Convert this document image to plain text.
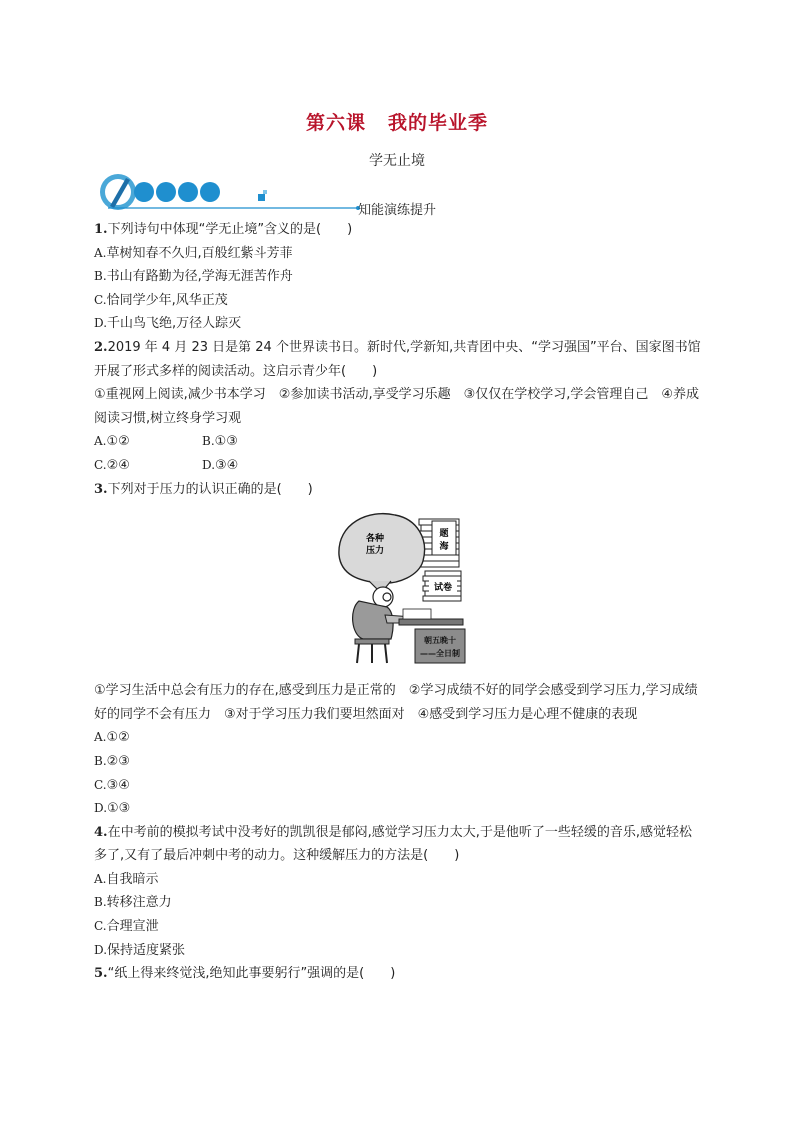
第六课 我的毕业季
学无止境
知能演练提升

1.下列诗句中体现“学无止境”含义的是(　　)

A.草树知春不久归,百般红紫斗芳菲

B.书山有路勤为径,学海无涯苦作舟

C.恰同学少年,风华正茂

D.千山鸟飞绝,万径人踪灭

2.2019 年 4 月 23 日是第 24 个世界读书日。新时代,学新知,共青团中央、“学习强国”平台、国家图书馆开展了形式多样的阅读活动。这启示青少年(　　)

①重视网上阅读,减少书本学习　②参加读书活动,享受学习乐趣　③仅仅在学校学习,学会管理自己　④养成阅读习惯,树立终身学习观

A.①②	B.①③

C.②④	D.③④

3.下列对于压力的认识正确的是(　　)

题
海
试卷
各种
压力
朝五晚十
——全日制

①学习生活中总会有压力的存在,感受到压力是正常的　②学习成绩不好的同学会感受到学习压力,学习成绩好的同学不会有压力　③对于学习压力我们要坦然面对　④感受到学习压力是心理不健康的表现

A.①②

B.②③

C.③④

D.①③

4.在中考前的模拟考试中没考好的凯凯很是郁闷,感觉学习压力太大,于是他听了一些轻缓的音乐,感觉轻松多了,又有了最后冲刺中考的动力。这种缓解压力的方法是(　　)

A.自我暗示

B.转移注意力

C.合理宣泄

D.保持适度紧张

5.“纸上得来终觉浅,绝知此事要躬行”强调的是(　　)
